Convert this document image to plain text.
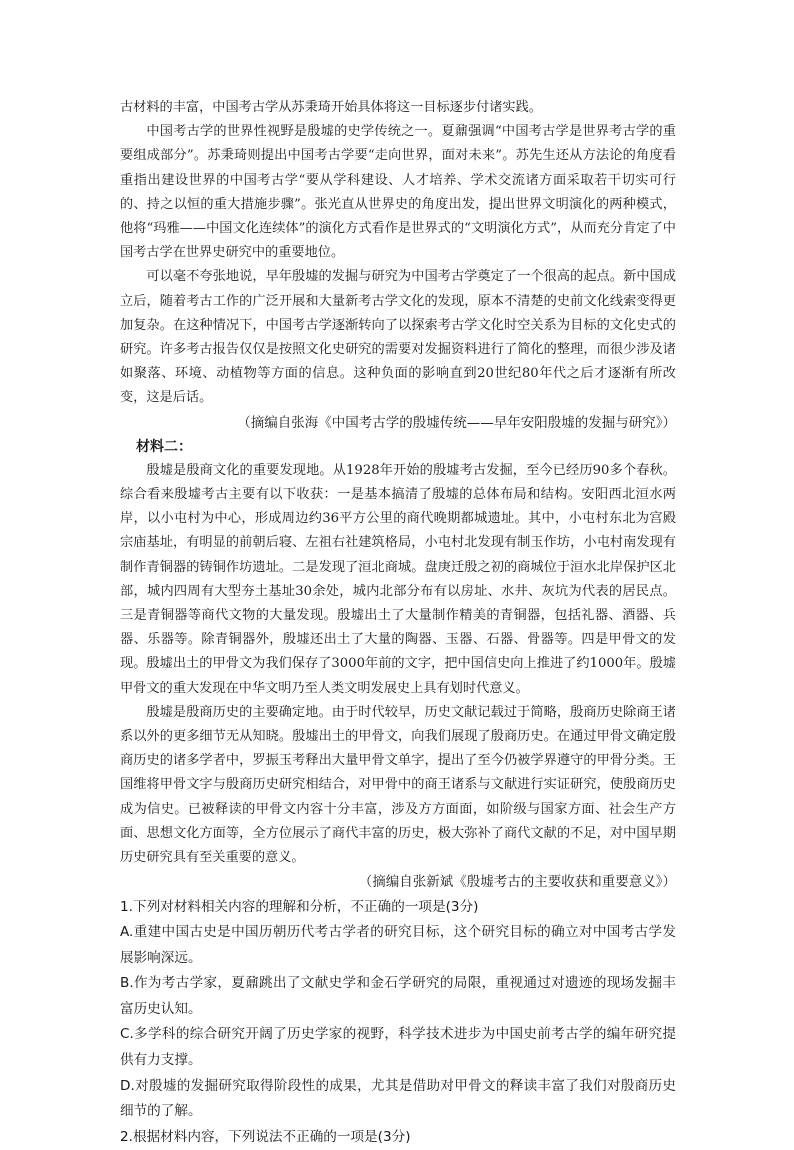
古材料的丰富，中国考古学从苏秉琦开始具体将这一目标逐步付诸实践。

中国考古学的世界性视野是殷墟的史学传统之一。夏鼐强调“中国考古学是世界考古学的重要组成部分”。苏秉琦则提出中国考古学要“走向世界，面对未来”。苏先生还从方法论的角度看重指出建设世界的中国考古学“要从学科建设、人才培养、学术交流诸方面采取若干切实可行的、持之以恒的重大措施步骤”。张光直从世界史的角度出发，提出世界文明演化的两种模式，他将“玛雅——中国文化连续体”的演化方式看作是世界式的“文明演化方式”，从而充分肯定了中国考古学在世界史研究中的重要地位。

可以毫不夸张地说，早年殷墟的发掘与研究为中国考古学奠定了一个很高的起点。新中国成立后，随着考古工作的广泛开展和大量新考古学文化的发现，原本不清楚的史前文化线索变得更加复杂。在这种情况下，中国考古学逐渐转向了以探索考古学文化时空关系为目标的文化史式的研究。许多考古报告仅仅是按照文化史研究的需要对发掘资料进行了简化的整理，而很少涉及诸如聚落、环境、动植物等方面的信息。这种负面的影响直到20世纪80年代之后才逐渐有所改变，这是后话。

（摘编自张海《中国考古学的殷墟传统——早年安阳殷墟的发掘与研究》）

材料二：

殷墟是殷商文化的重要发现地。从1928年开始的殷墟考古发掘，至今已经历90多个春秋。综合看来殷墟考古主要有以下收获：一是基本搞清了殷墟的总体布局和结构。安阳西北洹水两岸，以小屯村为中心，形成周边约36平方公里的商代晚期都城遗址。其中，小屯村东北为宫殿宗庙基址，有明显的前朝后寝、左祖右社建筑格局，小屯村北发现有制玉作坊，小屯村南发现有制作青铜器的铸铜作坊遗址。二是发现了洹北商城。盘庚迁殷之初的商城位于洹水北岸保护区北部，城内四周有大型夯土基址30余处，城内北部分布有以房址、水井、灰坑为代表的居民点。三是青铜器等商代文物的大量发现。殷墟出土了大量制作精美的青铜器，包括礼器、酒器、兵器、乐器等。除青铜器外，殷墟还出土了大量的陶器、玉器、石器、骨器等。四是甲骨文的发现。殷墟出土的甲骨文为我们保存了3000年前的文字，把中国信史向上推进了约1000年。殷墟甲骨文的重大发现在中华文明乃至人类文明发展史上具有划时代意义。

殷墟是殷商历史的主要确定地。由于时代较早，历史文献记载过于简略，殷商历史除商王诸系以外的更多细节无从知晓。殷墟出土的甲骨文，向我们展现了殷商历史。在通过甲骨文确定殷商历史的诸多学者中，罗振玉考释出大量甲骨文单字，提出了至今仍被学界遵守的甲骨分类。王国维将甲骨文字与殷商历史研究相结合，对甲骨中的商王诸系与文献进行实证研究，使殷商历史成为信史。已被释读的甲骨文内容十分丰富，涉及方方面面，如阶级与国家方面、社会生产方面、思想文化方面等，全方位展示了商代丰富的历史，极大弥补了商代文献的不足，对中国早期历史研究具有至关重要的意义。

（摘编自张新斌《殷墟考古的主要收获和重要意义》）

1.下列对材料相关内容的理解和分析，不正确的一项是(3分)

A.重建中国古史是中国历朝历代考古学者的研究目标，这个研究目标的确立对中国考古学发展影响深远。

B.作为考古学家，夏鼐跳出了文献史学和金石学研究的局限，重视通过对遗迹的现场发掘丰富历史认知。

C.多学科的综合研究开阔了历史学家的视野，科学技术进步为中国史前考古学的编年研究提供有力支撑。

D.对殷墟的发掘研究取得阶段性的成果，尤其是借助对甲骨文的释读丰富了我们对殷商历史细节的了解。

2.根据材料内容，下列说法不正确的一项是(3分)
